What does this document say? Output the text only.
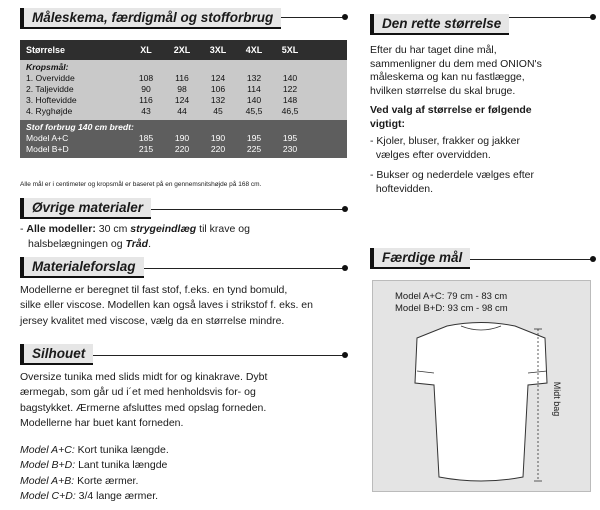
Måleskema, færdigmål og stofforbrug
Størrelse	XL	2XL	3XL	4XL	5XL
Kropsmål:
1. Overvidde	108	116	124	132	140
2. Taljevidde	90	98	106	114	122
3. Hoftevidde	116	124	132	140	148
4. Ryghøjde	43	44	45	45,5	46,5
Stof forbrug 140 cm bredt:
Model A+C	185	190	190	195	195
Model B+D	215	220	220	225	230
Alle mål er i centimeter og kropsmål er baseret på en gennemsnitshøjde på 168 cm.
Øvrige materialer

- Alle modeller: 30 cm strygeindlæg til krave og

halsbelægningen og Tråd.

Materialeforslag

Modellerne er beregnet til fast stof, f.eks. en tynd bomuld,

silke eller viscose. Modellen kan også laves i strikstof f. eks. en

jersey kvalitet med viscose, vælg da en størrelse mindre.

Silhouet

Oversize tunika med slids midt for og kinakrave. Dybt

ærmegab, som går ud i´et med henholdsvis for- og

bagstykket. Ærmerne afsluttes med opslag forneden.

Modellerne har buet kant forneden.

Model A+C: Kort tunika længde.

Model B+D: Lant tunika længde

Model A+B: Korte ærmer.

Model C+D: 3/4 lange ærmer.

Den rette størrelse

Efter du har taget dine mål,

sammenligner du dem med ONION's

måleskema og kan nu fastlægge,

hvilken størrelse du skal bruge.

Ved valg af størrelse er følgende

vigtigt:

- Kjoler, bluser, frakker og jakker

vælges efter overvidden.

- Bukser og nederdele vælges efter

hoftevidden.

Færdige mål
Model A+C: 79 cm - 83 cm
Model B+D: 93 cm - 98 cm
Midt bag
